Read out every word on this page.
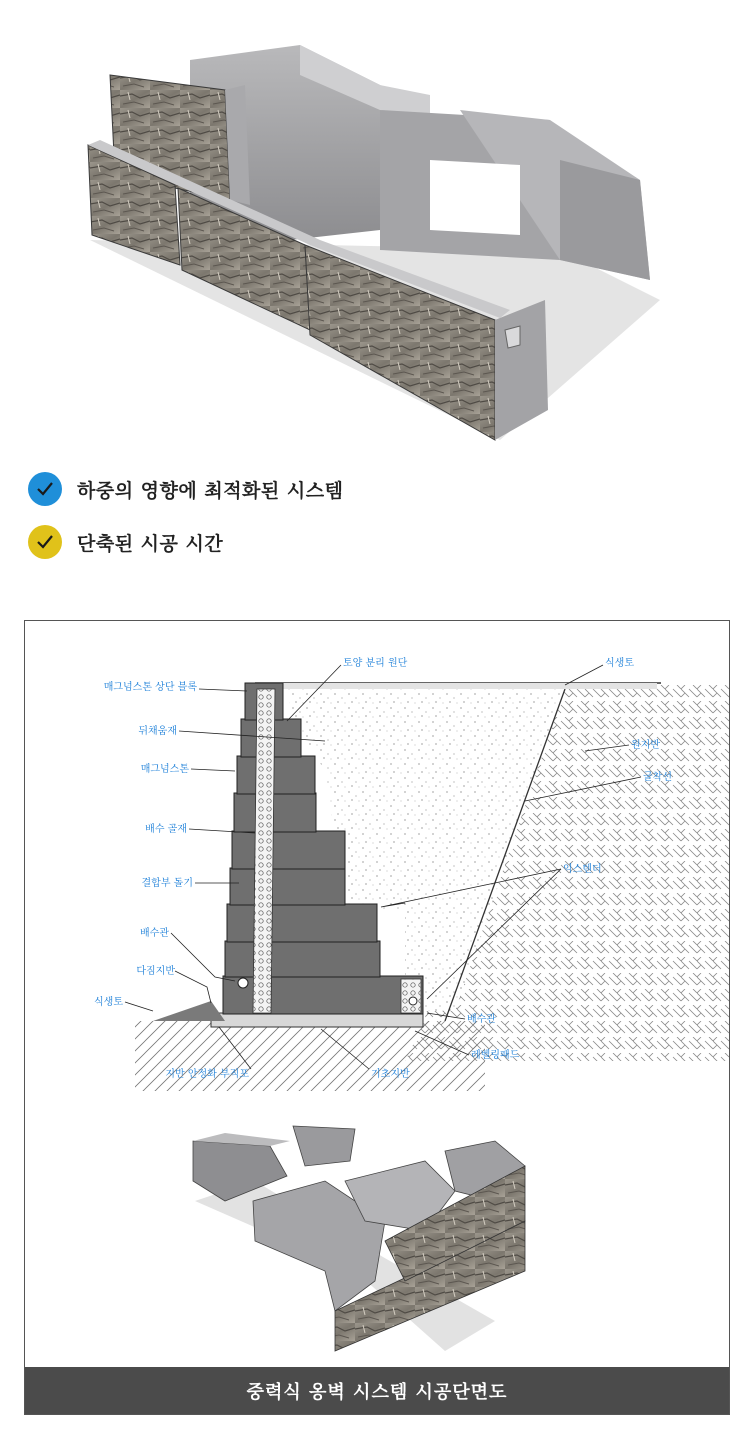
하중의 영향에 최적화된 시스템
단축된 시공 시간
매그넘스톤 상단 블록
뒤채움재
매그넘스톤
배수 골재
결합부 돌기
배수관
다짐지반
식생토
지반 안정화 부직포
토양 분리 원단	식생토
원지반
굴착선
익스텐더
배수관
레벨링패드
기초지반
중력식 옹벽 시스템 시공단면도
